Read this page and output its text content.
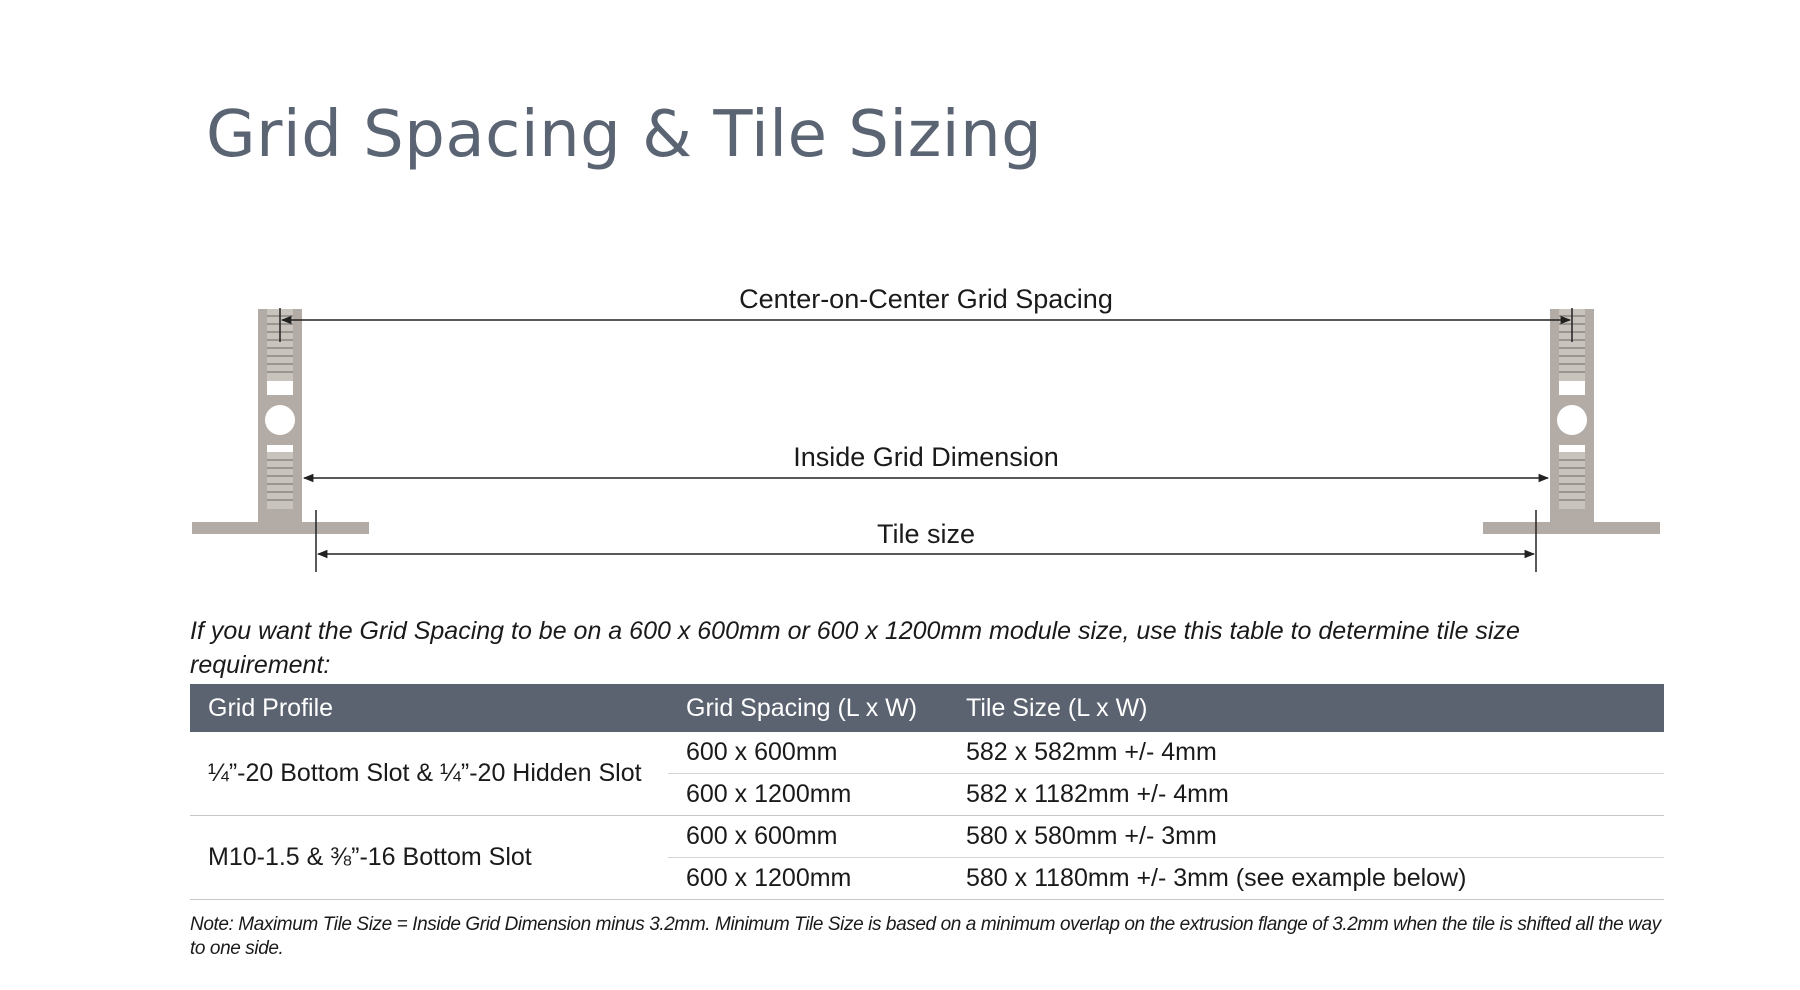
Grid Spacing & Tile Sizing
Center-on-Center Grid Spacing
Inside Grid Dimension
Tile size
If you want the Grid Spacing to be on a 600 x 600mm or 600 x 1200mm module size, use this table to determine tile size requirement:
Grid Profile	Grid Spacing (L x W)	Tile Size (L x W)
¼”-20 Bottom Slot & ¼”-20 Hidden Slot	600 x 600mm	582 x 582mm +/- 4mm
	600 x 1200mm	582 x 1182mm +/- 4mm
M10-1.5 & ⅜”-16 Bottom Slot	600 x 600mm	580 x 580mm +/- 3mm
	600 x 1200mm	580 x 1180mm +/- 3mm (see example below)
Note: Maximum Tile Size = Inside Grid Dimension minus 3.2mm. Minimum Tile Size is based on a minimum overlap on the extrusion flange of 3.2mm when the tile is shifted all the way to one side.
